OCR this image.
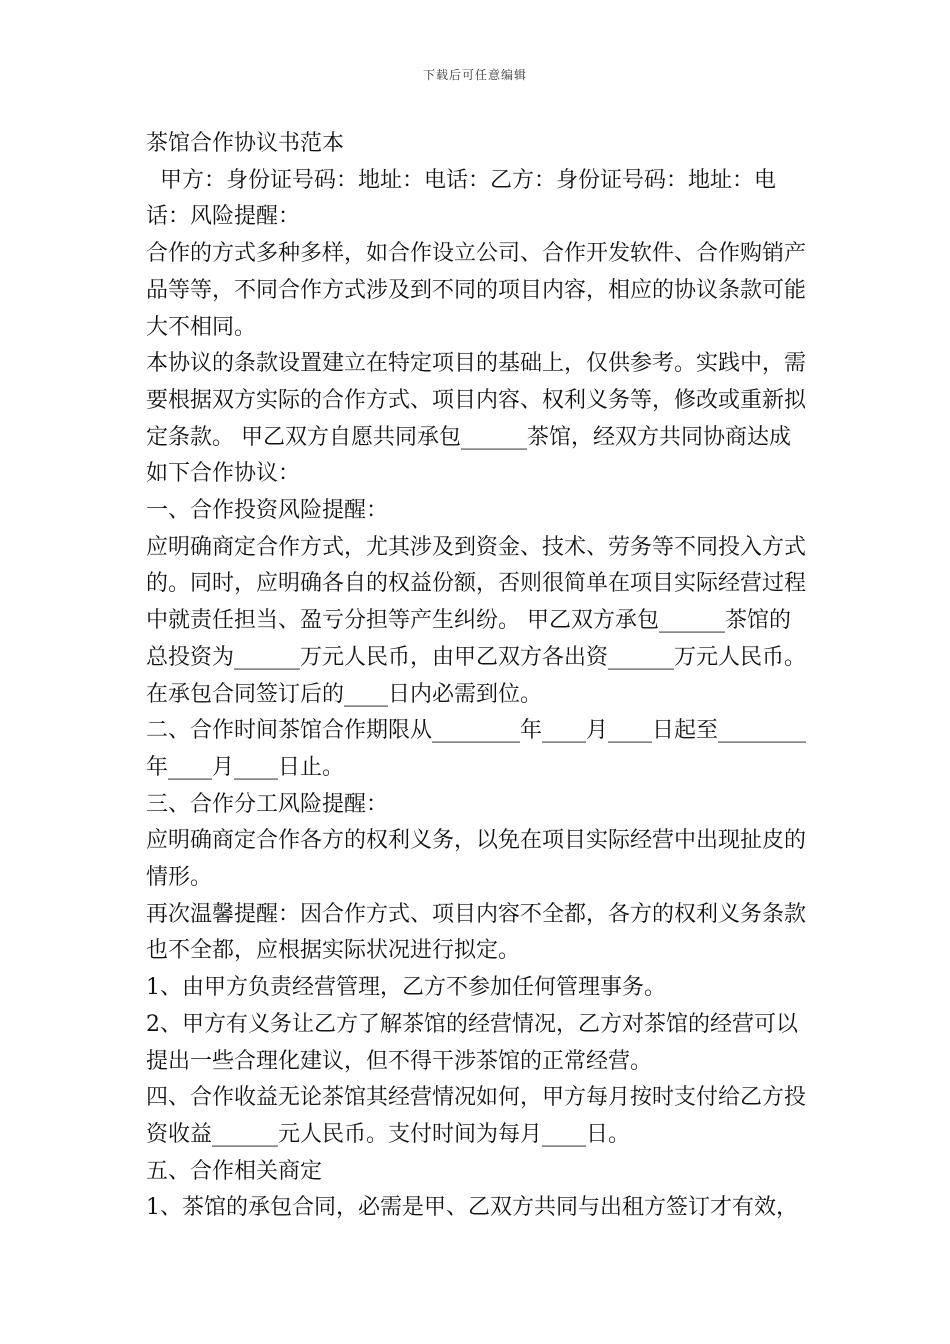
下载后可任意编辑

茶馆合作协议书范本

甲方：身份证号码：地址：电话：乙方：身份证号码：地址：电话：风险提醒：

合作的方式多种多样，如合作设立公司、合作开发软件、合作购销产品等等，不同合作方式涉及到不同的项目内容，相应的协议条款可能大不相同。

本协议的条款设置建立在特定项目的基础上，仅供参考。实践中，需要根据双方实际的合作方式、项目内容、权利义务等，修改或重新拟定条款。 甲乙双方自愿共同承包______茶馆，经双方共同协商达成如下合作协议：

一、合作投资风险提醒：

应明确商定合作方式，尤其涉及到资金、技术、劳务等不同投入方式的。同时，应明确各自的权益份额，否则很简单在项目实际经营过程中就责任担当、盈亏分担等产生纠纷。 甲乙双方承包______茶馆的总投资为______万元人民币，由甲乙双方各出资______万元人民币。在承包合同签订后的____日内必需到位。

二、合作时间茶馆合作期限从________年____月____日起至________年____月____日止。

三、合作分工风险提醒：

应明确商定合作各方的权利义务，以免在项目实际经营中出现扯皮的情形。

再次温馨提醒：因合作方式、项目内容不全都，各方的权利义务条款也不全都，应根据实际状况进行拟定。

1、由甲方负责经营管理，乙方不参加任何管理事务。

2、甲方有义务让乙方了解茶馆的经营情况，乙方对茶馆的经营可以提出一些合理化建议，但不得干涉茶馆的正常经营。

四、合作收益无论茶馆其经营情况如何，甲方每月按时支付给乙方投资收益______元人民币。支付时间为每月____日。

五、合作相关商定

1、茶馆的承包合同，必需是甲、乙双方共同与出租方签订才有效，
